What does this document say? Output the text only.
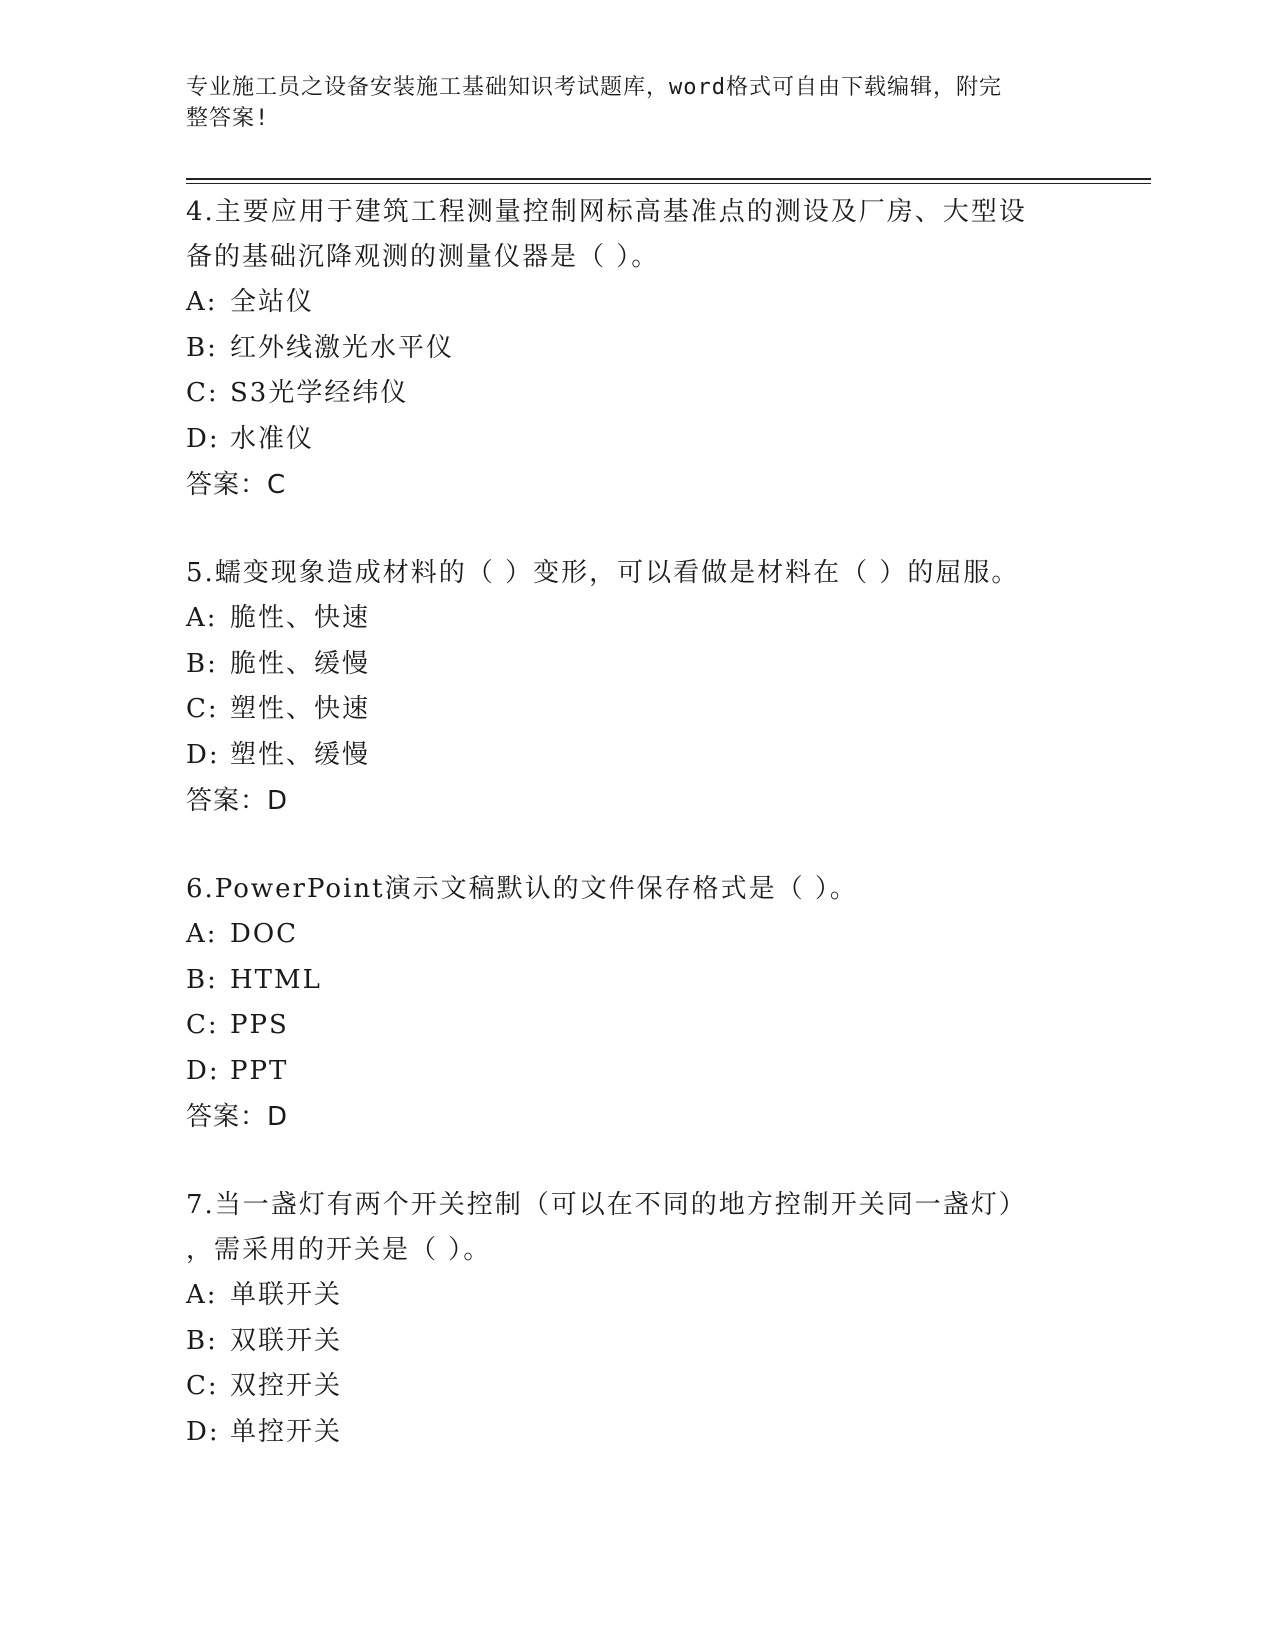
专业施工员之设备安装施工基础知识考试题库，word格式可自由下载编辑，附完
整答案!
4.主要应用于建筑工程测量控制网标高基准点的测设及厂房、大型设
备的基础沉降观测的测量仪器是（ ）。
A: 全站仪
B: 红外线激光水平仪
C: S3光学经纬仪
D: 水准仪
答案：C
5.蠕变现象造成材料的（ ）变形，可以看做是材料在（ ）的屈服。
A: 脆性、快速
B: 脆性、缓慢
C: 塑性、快速
D: 塑性、缓慢
答案：D
6.PowerPoint演示文稿默认的文件保存格式是（ ）。
A: DOC
B: HTML
C: PPS
D: PPT
答案：D
7.当一盏灯有两个开关控制（可以在不同的地方控制开关同一盏灯）
，需采用的开关是（ ）。
A: 单联开关
B: 双联开关
C: 双控开关
D: 单控开关
